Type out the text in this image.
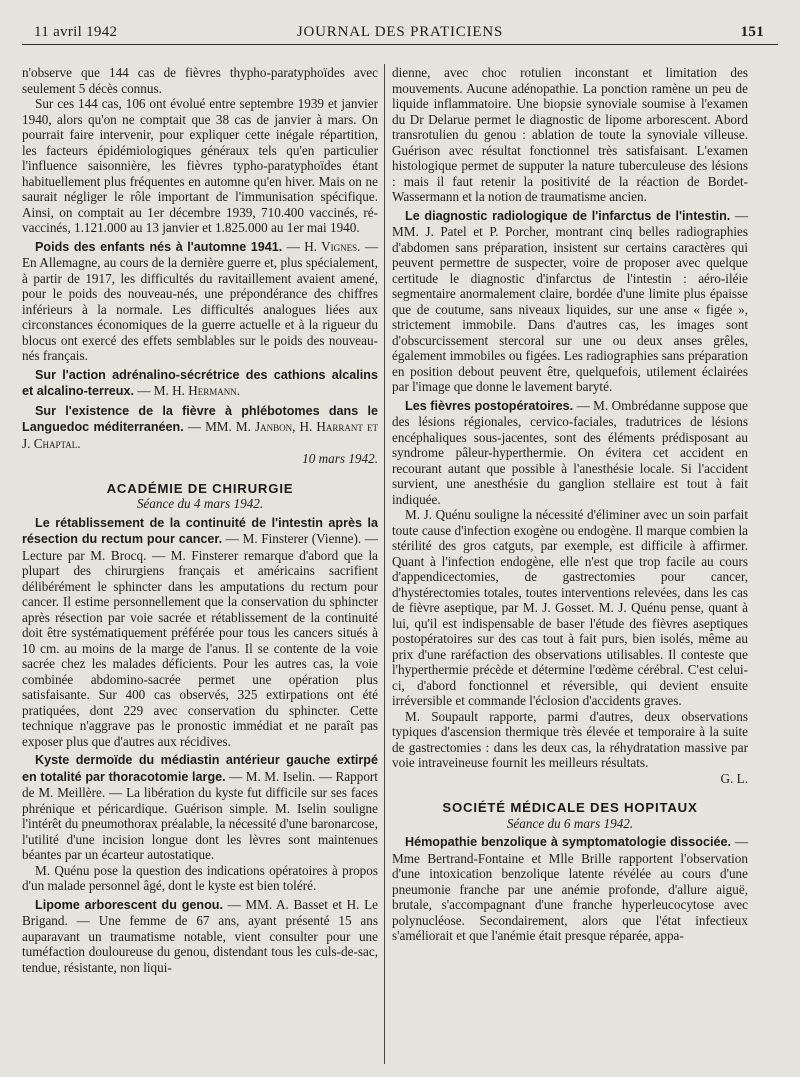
11 avril 1942	JOURNAL DES PRATICIENS	151

n'observe que 144 cas de fièvres thypho-paratyphoïdes avec seulement 5 décès connus.

Sur ces 144 cas, 106 ont évolué entre septembre 1939 et janvier 1940, alors qu'on ne comptait que 38 cas de janvier à mars. On pourrait faire intervenir, pour expliquer cette inégale répartition, les facteurs épidémiologiques généraux tels qu'en particulier l'influence saisonnière, les fièvres typho-paratyphoïdes étant habituellement plus fréquentes en automne qu'en hiver. Mais on ne saurait négliger le rôle important de l'immunisation spécifique. Ainsi, on comptait au 1er décembre 1939, 710.400 vaccinés, ré-vaccinés, 1.121.000 au 13 janvier et 1.825.000 au 1er mai 1940.

Poids des enfants nés à l'automne 1941. — H. Vignes. — En Allemagne, au cours de la dernière guerre et, plus spécialement, à partir de 1917, les difficultés du ravitaillement avaient amené, pour le poids des nouveau-nés, une prépondérance des chiffres inférieurs à la normale. Les difficultés analogues liées aux circonstances économiques de la guerre actuelle et à la rigueur du blocus ont exercé des effets semblables sur le poids des nouveau-nés français.

Sur l'action adrénalino-sécrétrice des cathions alcalins et alcalino-terreux. — M. H. Hermann.

Sur l'existence de la fièvre à phlébotomes dans le Languedoc méditerranéen. — MM. M. Janbon, H. Harrant et J. Chaptal.

10 mars 1942.

ACADÉMIE DE CHIRURGIE
Séance du 4 mars 1942.

Le rétablissement de la continuité de l'intestin après la résection du rectum pour cancer. — M. Finsterer (Vienne). — Lecture par M. Brocq. — M. Finsterer remarque d'abord que la plupart des chirurgiens français et américains sacrifient délibérément le sphincter dans les amputations du rectum pour cancer. Il estime personnellement que la conservation du sphincter après résection par voie sacrée et rétablissement de la continuité doit être systématiquement préférée pour tous les cancers situés à 10 cm. au moins de la marge de l'anus. Il se contente de la voie sacrée chez les malades déficients. Pour les autres cas, la voie combinée abdomino-sacrée permet une opération plus satisfaisante. Sur 400 cas observés, 325 extirpations ont été pratiquées, dont 229 avec conservation du sphincter. Cette technique n'aggrave pas le pronostic immédiat et ne paraît pas exposer plus que d'autres aux récidives.

Kyste dermoïde du médiastin antérieur gauche extirpé en totalité par thoracotomie large. — M. M. Iselin. — Rapport de M. Meillère. — La libération du kyste fut difficile sur ses faces phrénique et péricardique. Guérison simple. M. Iselin souligne l'intérêt du pneumothorax préalable, la nécessité d'une baronarcose, l'utilité d'une incision longue dont les lèvres sont maintenues béantes par un écarteur autostatique.

M. Quénu pose la question des indications opératoires à propos d'un malade personnel âgé, dont le kyste est bien toléré.

Lipome arborescent du genou. — MM. A. Basset et H. Le Brigand. — Une femme de 67 ans, ayant présenté 15 ans auparavant un traumatisme notable, vient consulter pour une tuméfaction douloureuse du genou, distendant tous les culs-de-sac, tendue, résistante, non liqui-

dienne, avec choc rotulien inconstant et limitation des mouvements. Aucune adénopathie. La ponction ramène un peu de liquide inflammatoire. Une biopsie synoviale soumise à l'examen du Dr Delarue permet le diagnostic de lipome arborescent. Abord transrotulien du genou : ablation de toute la synoviale villeuse. Guérison avec résultat fonctionnel très satisfaisant. L'examen histologique permet de supputer la nature tuberculeuse des lésions : mais il faut retenir la positivité de la réaction de Bordet-Wassermann et la notion de traumatisme ancien.

Le diagnostic radiologique de l'infarctus de l'intestin. — MM. J. Patel et P. Porcher, montrant cinq belles radiographies d'abdomen sans préparation, insistent sur certains caractères qui peuvent permettre de suspecter, voire de proposer avec quelque certitude le diagnostic d'infarctus de l'intestin : aéro-iléie segmentaire anormalement claire, bordée d'une limite plus épaisse que de coutume, sans niveaux liquides, sur une anse « figée », strictement immobile. Dans d'autres cas, les images sont d'obscurcissement stercoral sur une ou deux anses grêles, également immobiles ou figées. Les radiographies sans préparation en position debout peuvent être, quelquefois, utilement éclairées par l'image que donne le lavement baryté.

Les fièvres postopératoires. — M. Ombrédanne suppose que des lésions régionales, cervico-faciales, tradutrices de lésions encéphaliques sous-jacentes, sont des éléments prédisposant au syndrome pâleur-hyperthermie. On évitera cet accident en recourant autant que possible à l'anesthésie locale. Si l'accident survient, une anesthésie du ganglion stellaire est tout à fait indiquée.

M. J. Quénu souligne la nécessité d'éliminer avec un soin parfait toute cause d'infection exogène ou endogène. Il marque combien la stérilité des gros catguts, par exemple, est difficile à affirmer. Quant à l'infection endogène, elle n'est que trop facile au cours d'appendicectomies, de gastrectomies pour cancer, d'hystérectomies totales, toutes interventions relevées, dans les cas de fièvre aseptique, par M. J. Gosset. M. J. Quénu pense, quant à lui, qu'il est indispensable de baser l'étude des fièvres aseptiques postopératoires sur des cas tout à fait purs, bien isolés, même au prix d'une raréfaction des observations utilisables. Il conteste que l'hyperthermie précède et détermine l'œdème cérébral. C'est celui-ci, d'abord fonctionnel et réversible, qui devient ensuite irréversible et commande l'éclosion d'accidents graves.

M. Soupault rapporte, parmi d'autres, deux observations typiques d'ascension thermique très élevée et temporaire à la suite de gastrectomies : dans les deux cas, la réhydratation massive par voie intraveineuse fournit les meilleurs résultats.

G. L.

SOCIÉTÉ MÉDICALE DES HOPITAUX
Séance du 6 mars 1942.

Hémopathie benzolique à symptomatologie dissociée. — Mme Bertrand-Fontaine et Mlle Brille rapportent l'observation d'une intoxication benzolique latente révélée au cours d'une pneumonie franche par une anémie profonde, d'allure aiguë, brutale, s'accompagnant d'une franche hyperleucocytose avec polynucléose. Secondairement, alors que l'état infectieux s'améliorait et que l'anémie était presque réparée, appa-
